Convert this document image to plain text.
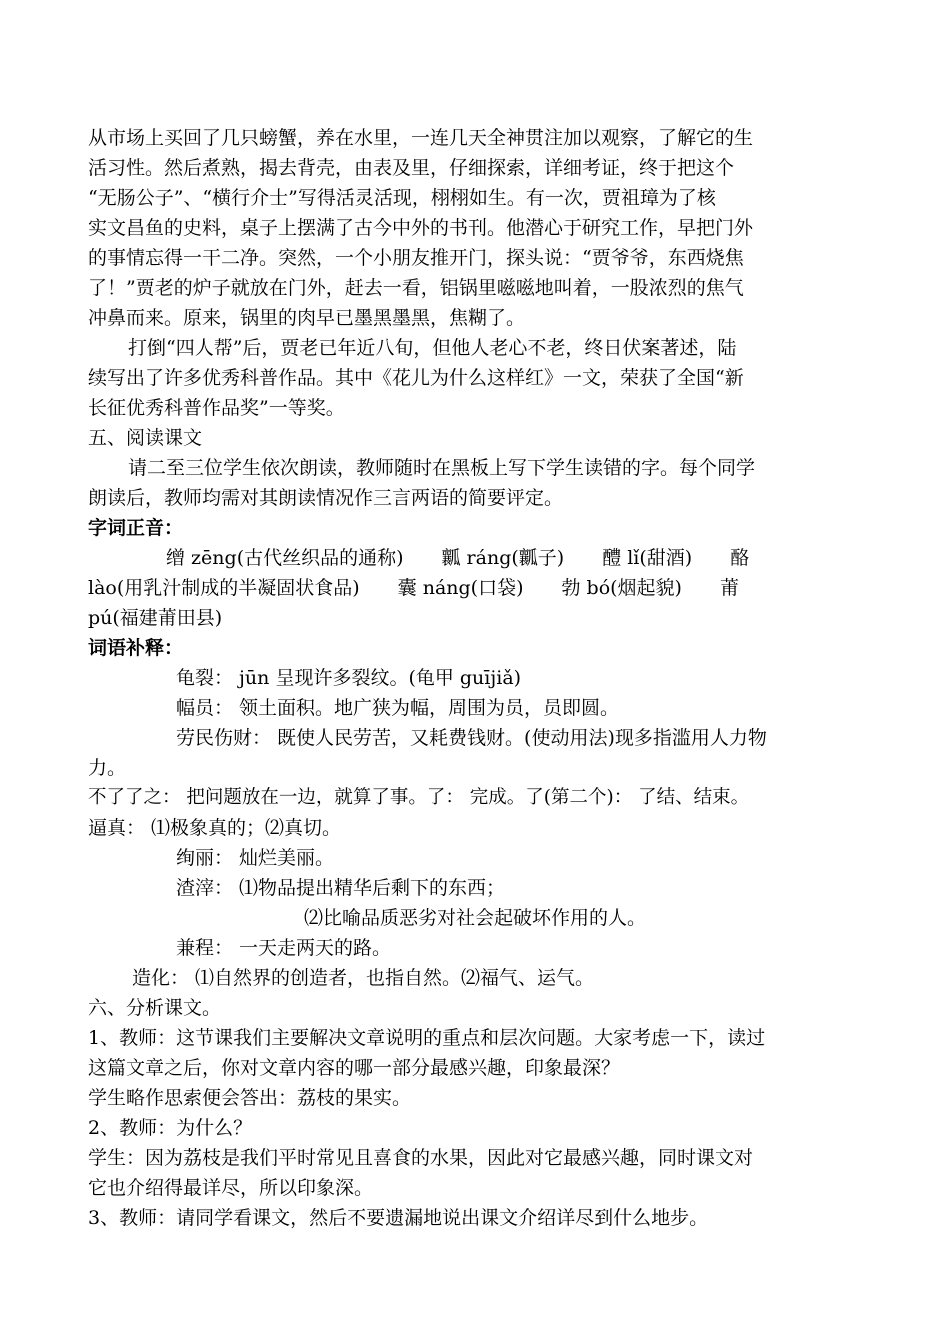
从市场上买回了几只螃蟹，养在水里，一连几天全神贯注加以观察，了解它的生
活习性。然后煮熟，揭去背壳，由表及里，仔细探索，详细考证，终于把这个
“无肠公子”、“横行介士”写得活灵活现，栩栩如生。有一次，贾祖璋为了核
实文昌鱼的史料，桌子上摆满了古今中外的书刊。他潜心于研究工作，早把门外
的事情忘得一干二净。突然，一个小朋友推开门，探头说：“贾爷爷，东西烧焦
了！”贾老的炉子就放在门外，赶去一看，铝锅里嗞嗞地叫着，一股浓烈的焦气
冲鼻而来。原来，锅里的肉早已墨黑墨黑，焦糊了。
打倒“四人帮”后，贾老已年近八旬，但他人老心不老，终日伏案著述，陆
续写出了许多优秀科普作品。其中《花儿为什么这样红》一文，荣获了全国“新
长征优秀科普作品奖”一等奖。
五、阅读课文
请二至三位学生依次朗读，教师随时在黑板上写下学生读错的字。每个同学
朗读后，教师均需对其朗读情况作三言两语的简要评定。
字词正音：
缯 zēng(古代丝织品的通称)　　瓤 ráng(瓤子)　　醴 lǐ(甜酒)　　酪
lào(用乳汁制成的半凝固状食品)　　囊 náng(口袋)　　勃 bó(烟起貌)　　莆
pú(福建莆田县)
词语补释：
龟裂： jūn 呈现许多裂纹。(龟甲 guījiǎ)
幅员： 领土面积。地广狭为幅，周围为员，员即圆。
劳民伤财： 既使人民劳苦，又耗费钱财。(使动用法)现多指滥用人力物
力。
不了了之： 把问题放在一边，就算了事。了： 完成。了(第二个)： 了结、结束。
逼真： ⑴极象真的；⑵真切。
绚丽： 灿烂美丽。
渣滓： ⑴物品提出精华后剩下的东西；
⑵比喻品质恶劣对社会起破坏作用的人。
兼程： 一天走两天的路。
造化： ⑴自然界的创造者，也指自然。⑵福气、运气。
六、分析课文。
1、教师：这节课我们主要解决文章说明的重点和层次问题。大家考虑一下，读过
这篇文章之后，你对文章内容的哪一部分最感兴趣，印象最深？
学生略作思索便会答出：荔枝的果实。
2、教师：为什么？
学生：因为荔枝是我们平时常见且喜食的水果，因此对它最感兴趣，同时课文对
它也介绍得最详尽，所以印象深。
3、教师：请同学看课文，然后不要遗漏地说出课文介绍详尽到什么地步。
